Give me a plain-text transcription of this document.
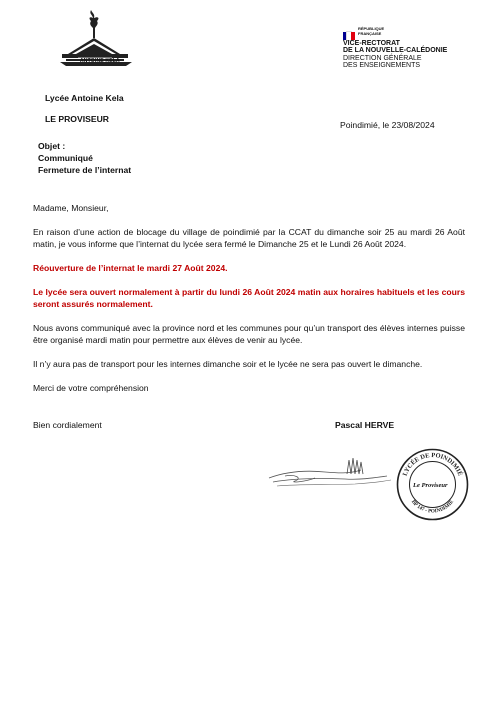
ANTOINE KELA
RÉPUBLIQUE
FRANÇAISE
VICE-RECTORAT
DE LA NOUVELLE-CALÉDONIE
DIRECTION GÉNÉRALE
DES ENSEIGNEMENTS
Lycée Antoine Kela
LE PROVISEUR
Poindimié, le 23/08/2024
Objet :
Communiqué
Fermeture de l’internat
Madame, Monsieur,
En raison d’une action de blocage du village de poindimié par la CCAT du dimanche soir 25 au mardi 26 Août matin, je vous informe que l’internat du lycée sera fermé le Dimanche 25 et le Lundi 26 Août 2024.
Réouverture de l’internat le mardi 27 Août 2024.
Le lycée sera ouvert normalement à partir du lundi 26 Août 2024 matin aux horaires habituels et les cours seront assurés normalement.
Nous avons communiqué avec la province nord et les communes pour qu’un transport des élèves internes puisse être organisé mardi matin pour permettre aux élèves de venir au lycée.
Il n’y aura pas de transport pour les internes dimanche soir et le lycée ne sera pas ouvert le dimanche.
Merci de votre compréhension
Bien cordialement	Pascal HERVE
LYCÉE DE POINDIMIÉ
BP 147 - POINDIMIÉ
Le Proviseur
